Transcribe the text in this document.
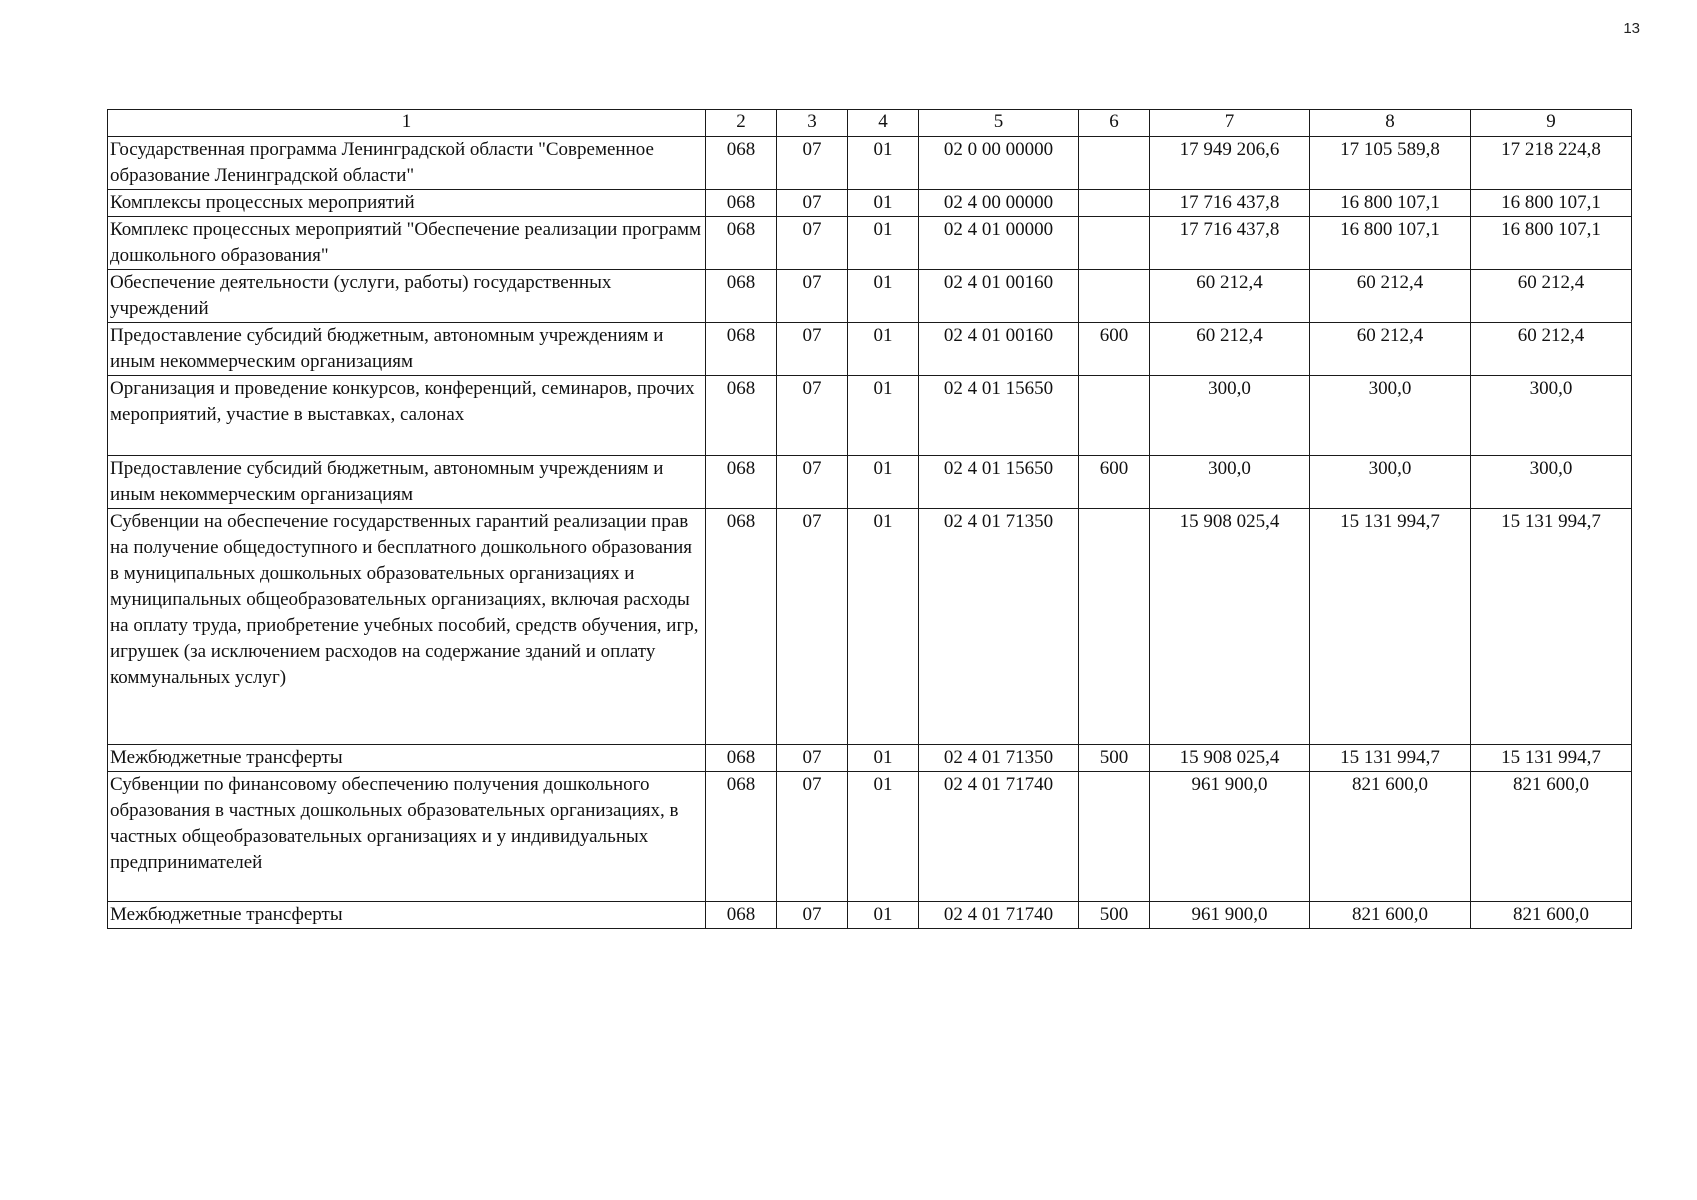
13
1	2	3	4	5	6	7	8	9
Государственная программа Ленинградской области "Современное образование Ленинградской области"	068	07	01	02 0 00 00000		17 949 206,6	17 105 589,8	17 218 224,8
Комплексы процессных мероприятий	068	07	01	02 4 00 00000		17 716 437,8	16 800 107,1	16 800 107,1
Комплекс процессных мероприятий "Обеспечение реализации программ дошкольного образования"	068	07	01	02 4 01 00000		17 716 437,8	16 800 107,1	16 800 107,1
Обеспечение деятельности (услуги, работы) государственных учреждений	068	07	01	02 4 01 00160		60 212,4	60 212,4	60 212,4
Предоставление субсидий бюджетным, автономным учреждениям и иным некоммерческим организациям	068	07	01	02 4 01 00160	600	60 212,4	60 212,4	60 212,4
Организация и проведение конкурсов, конференций, семинаров, прочих мероприятий, участие в выставках, салонах	068	07	01	02 4 01 15650		300,0	300,0	300,0
Предоставление субсидий бюджетным, автономным учреждениям и иным некоммерческим организациям	068	07	01	02 4 01 15650	600	300,0	300,0	300,0
Субвенции на обеспечение государственных гарантий реализации прав на получение общедоступного и бесплатного дошкольного образования в муниципальных дошкольных образовательных организациях и муниципальных общеобразовательных организациях, включая расходы на оплату труда, приобретение учебных пособий, средств обучения, игр, игрушек (за исключением расходов на содержание зданий и оплату коммунальных услуг)	068	07	01	02 4 01 71350		15 908 025,4	15 131 994,7	15 131 994,7
Межбюджетные трансферты	068	07	01	02 4 01 71350	500	15 908 025,4	15 131 994,7	15 131 994,7
Субвенции по финансовому обеспечению получения дошкольного образования в частных дошкольных образовательных организациях, в частных общеобразовательных организациях и у индивидуальных предпринимателей	068	07	01	02 4 01 71740		961 900,0	821 600,0	821 600,0
Межбюджетные трансферты	068	07	01	02 4 01 71740	500	961 900,0	821 600,0	821 600,0
